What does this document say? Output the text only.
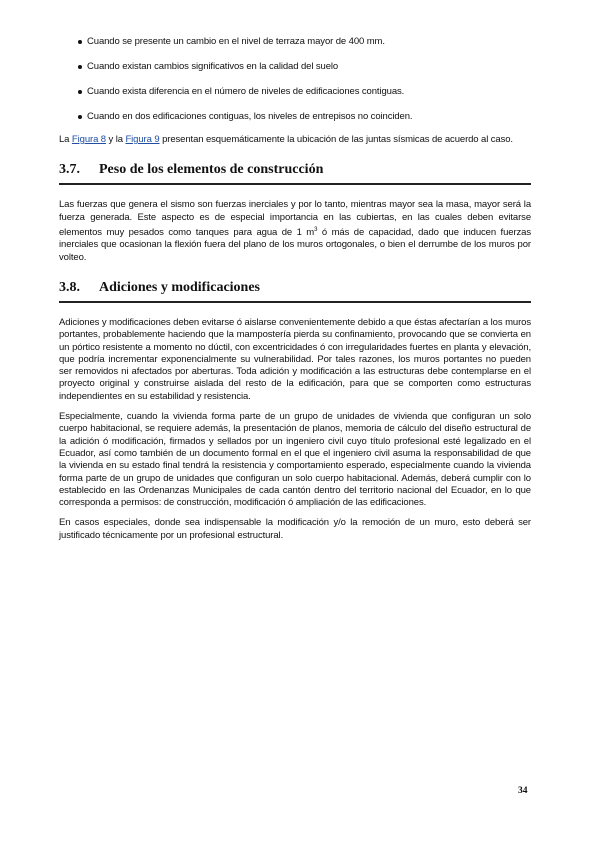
Cuando se presente un cambio en el nivel de terraza mayor de 400 mm.
Cuando existan cambios significativos en la calidad del suelo
Cuando exista diferencia en el número de niveles de edificaciones contiguas.
Cuando en dos edificaciones contiguas, los niveles de entrepisos no coinciden.

La Figura 8 y la Figura 9 presentan esquemáticamente la ubicación de las juntas sísmicas de acuerdo al caso.

3.7.	Peso de los elementos de construcción

Las fuerzas que genera el sismo son fuerzas inerciales y por lo tanto, mientras mayor sea la masa, mayor será la fuerza generada. Este aspecto es de especial importancia en las cubiertas, en las cuales deben evitarse elementos muy pesados como tanques para agua de 1 $m^3$ ó más de capacidad, dado que inducen fuerzas inerciales que ocasionan la flexión fuera del plano de los muros ortogonales, o bien el derrumbe de los muros por volteo.

3.8.	Adiciones y modificaciones

Adiciones y modificaciones deben evitarse ó aislarse convenientemente debido a que éstas afectarían a los muros portantes, probablemente haciendo que la mampostería pierda su confinamiento, provocando que se convierta en un pórtico resistente a momento no dúctil, con excentricidades ó con irregularidades fuertes en planta y elevación, que podría incrementar exponencialmente su vulnerabilidad. Por tales razones, los muros portantes no pueden ser removidos ni afectados por aberturas. Toda adición y modificación a las estructuras debe contemplarse en el proyecto original y construirse aislada del resto de la edificación, para que se comporten como estructuras independientes en su estabilidad y resistencia.

Especialmente, cuando la vivienda forma parte de un grupo de unidades de vivienda que configuran un solo cuerpo habitacional, se requiere además, la presentación de planos, memoria de cálculo del diseño estructural de la adición ó modificación, firmados y sellados por un ingeniero civil cuyo título profesional esté legalizado en el Ecuador, así como también de un documento formal en el que el ingeniero civil asuma la responsabilidad de que la vivienda en su estado final tendrá la resistencia y comportamiento esperado, especialmente cuando la vivienda forma parte de un grupo de unidades que configuran un solo cuerpo habitacional. Además, deberá cumplir con lo establecido en las Ordenanzas Municipales de cada cantón dentro del territorio nacional del Ecuador, en lo que corresponda a permisos: de construcción, modificación ó ampliación de las edificaciones.

En casos especiales, donde sea indispensable la modificación y/o la remoción de un muro, esto deberá ser justificado técnicamente por un profesional estructural.

34
